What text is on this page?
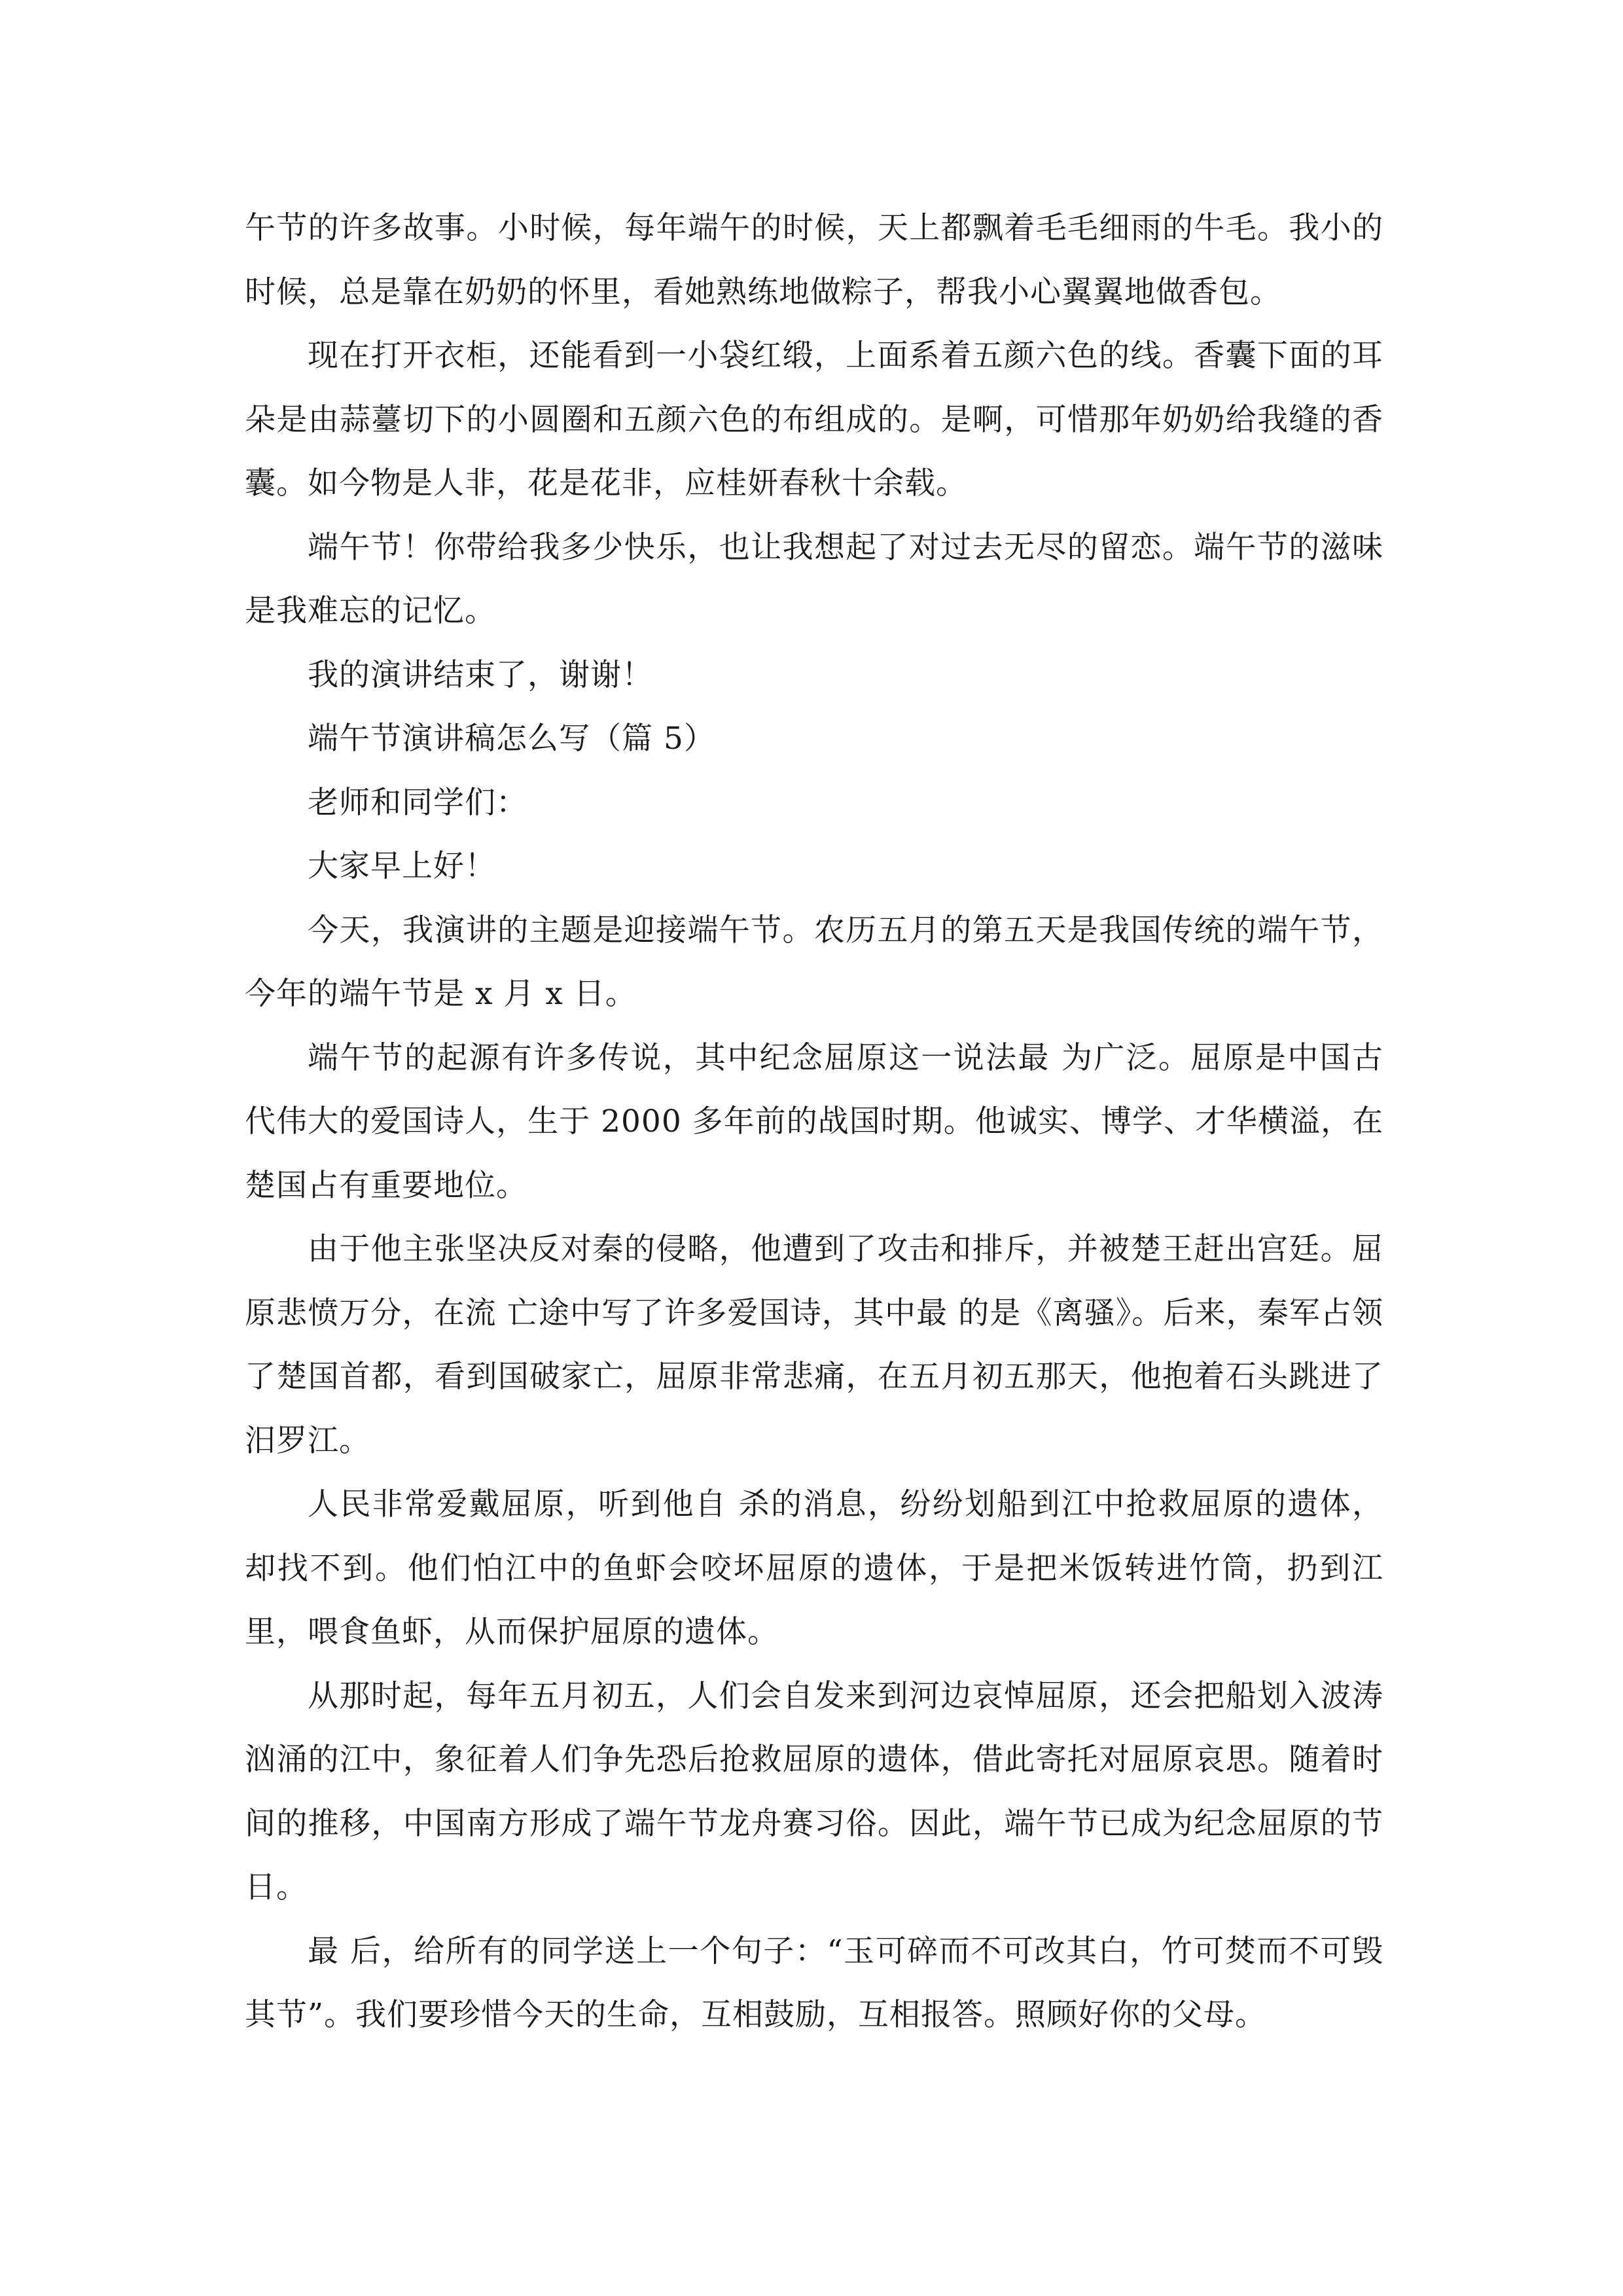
午节的许多故事。小时候，每年端午的时候，天上都飘着毛毛细雨的牛毛。我小的时候，总是靠在奶奶的怀里，看她熟练地做粽子，帮我小心翼翼地做香包。

现在打开衣柜，还能看到一小袋红缎，上面系着五颜六色的线。香囊下面的耳朵是由蒜薹切下的小圆圈和五颜六色的布组成的。是啊，可惜那年奶奶给我缝的香囊。如今物是人非，花是花非，应桂妍春秋十余载。

端午节！你带给我多少快乐，也让我想起了对过去无尽的留恋。端午节的滋味是我难忘的记忆。

我的演讲结束了，谢谢！

端午节演讲稿怎么写（篇 5）

老师和同学们：

大家早上好！

今天，我演讲的主题是迎接端午节。农历五月的第五天是我国传统的端午节，今年的端午节是 x 月 x 日。

端午节的起源有许多传说，其中纪念屈原这一说法最 为广泛。屈原是中国古代伟大的爱国诗人，生于 2000 多年前的战国时期。他诚实、博学、才华横溢，在楚国占有重要地位。

由于他主张坚决反对秦的侵略，他遭到了攻击和排斥，并被楚王赶出宫廷。屈原悲愤万分，在流 亡途中写了许多爱国诗，其中最 的是《离骚》。后来，秦军占领了楚国首都，看到国破家亡，屈原非常悲痛，在五月初五那天，他抱着石头跳进了汨罗江。

人民非常爱戴屈原，听到他自 杀的消息，纷纷划船到江中抢救屈原的遗体，却找不到。他们怕江中的鱼虾会咬坏屈原的遗体，于是把米饭转进竹筒，扔到江里，喂食鱼虾，从而保护屈原的遗体。

从那时起，每年五月初五，人们会自发来到河边哀悼屈原，还会把船划入波涛汹涌的江中，象征着人们争先恐后抢救屈原的遗体，借此寄托对屈原哀思。随着时间的推移，中国南方形成了端午节龙舟赛习俗。因此，端午节已成为纪念屈原的节日。

最 后，给所有的同学送上一个句子：“玉可碎而不可改其白，竹可焚而不可毁其节”。我们要珍惜今天的生命，互相鼓励，互相报答。照顾好你的父母。
